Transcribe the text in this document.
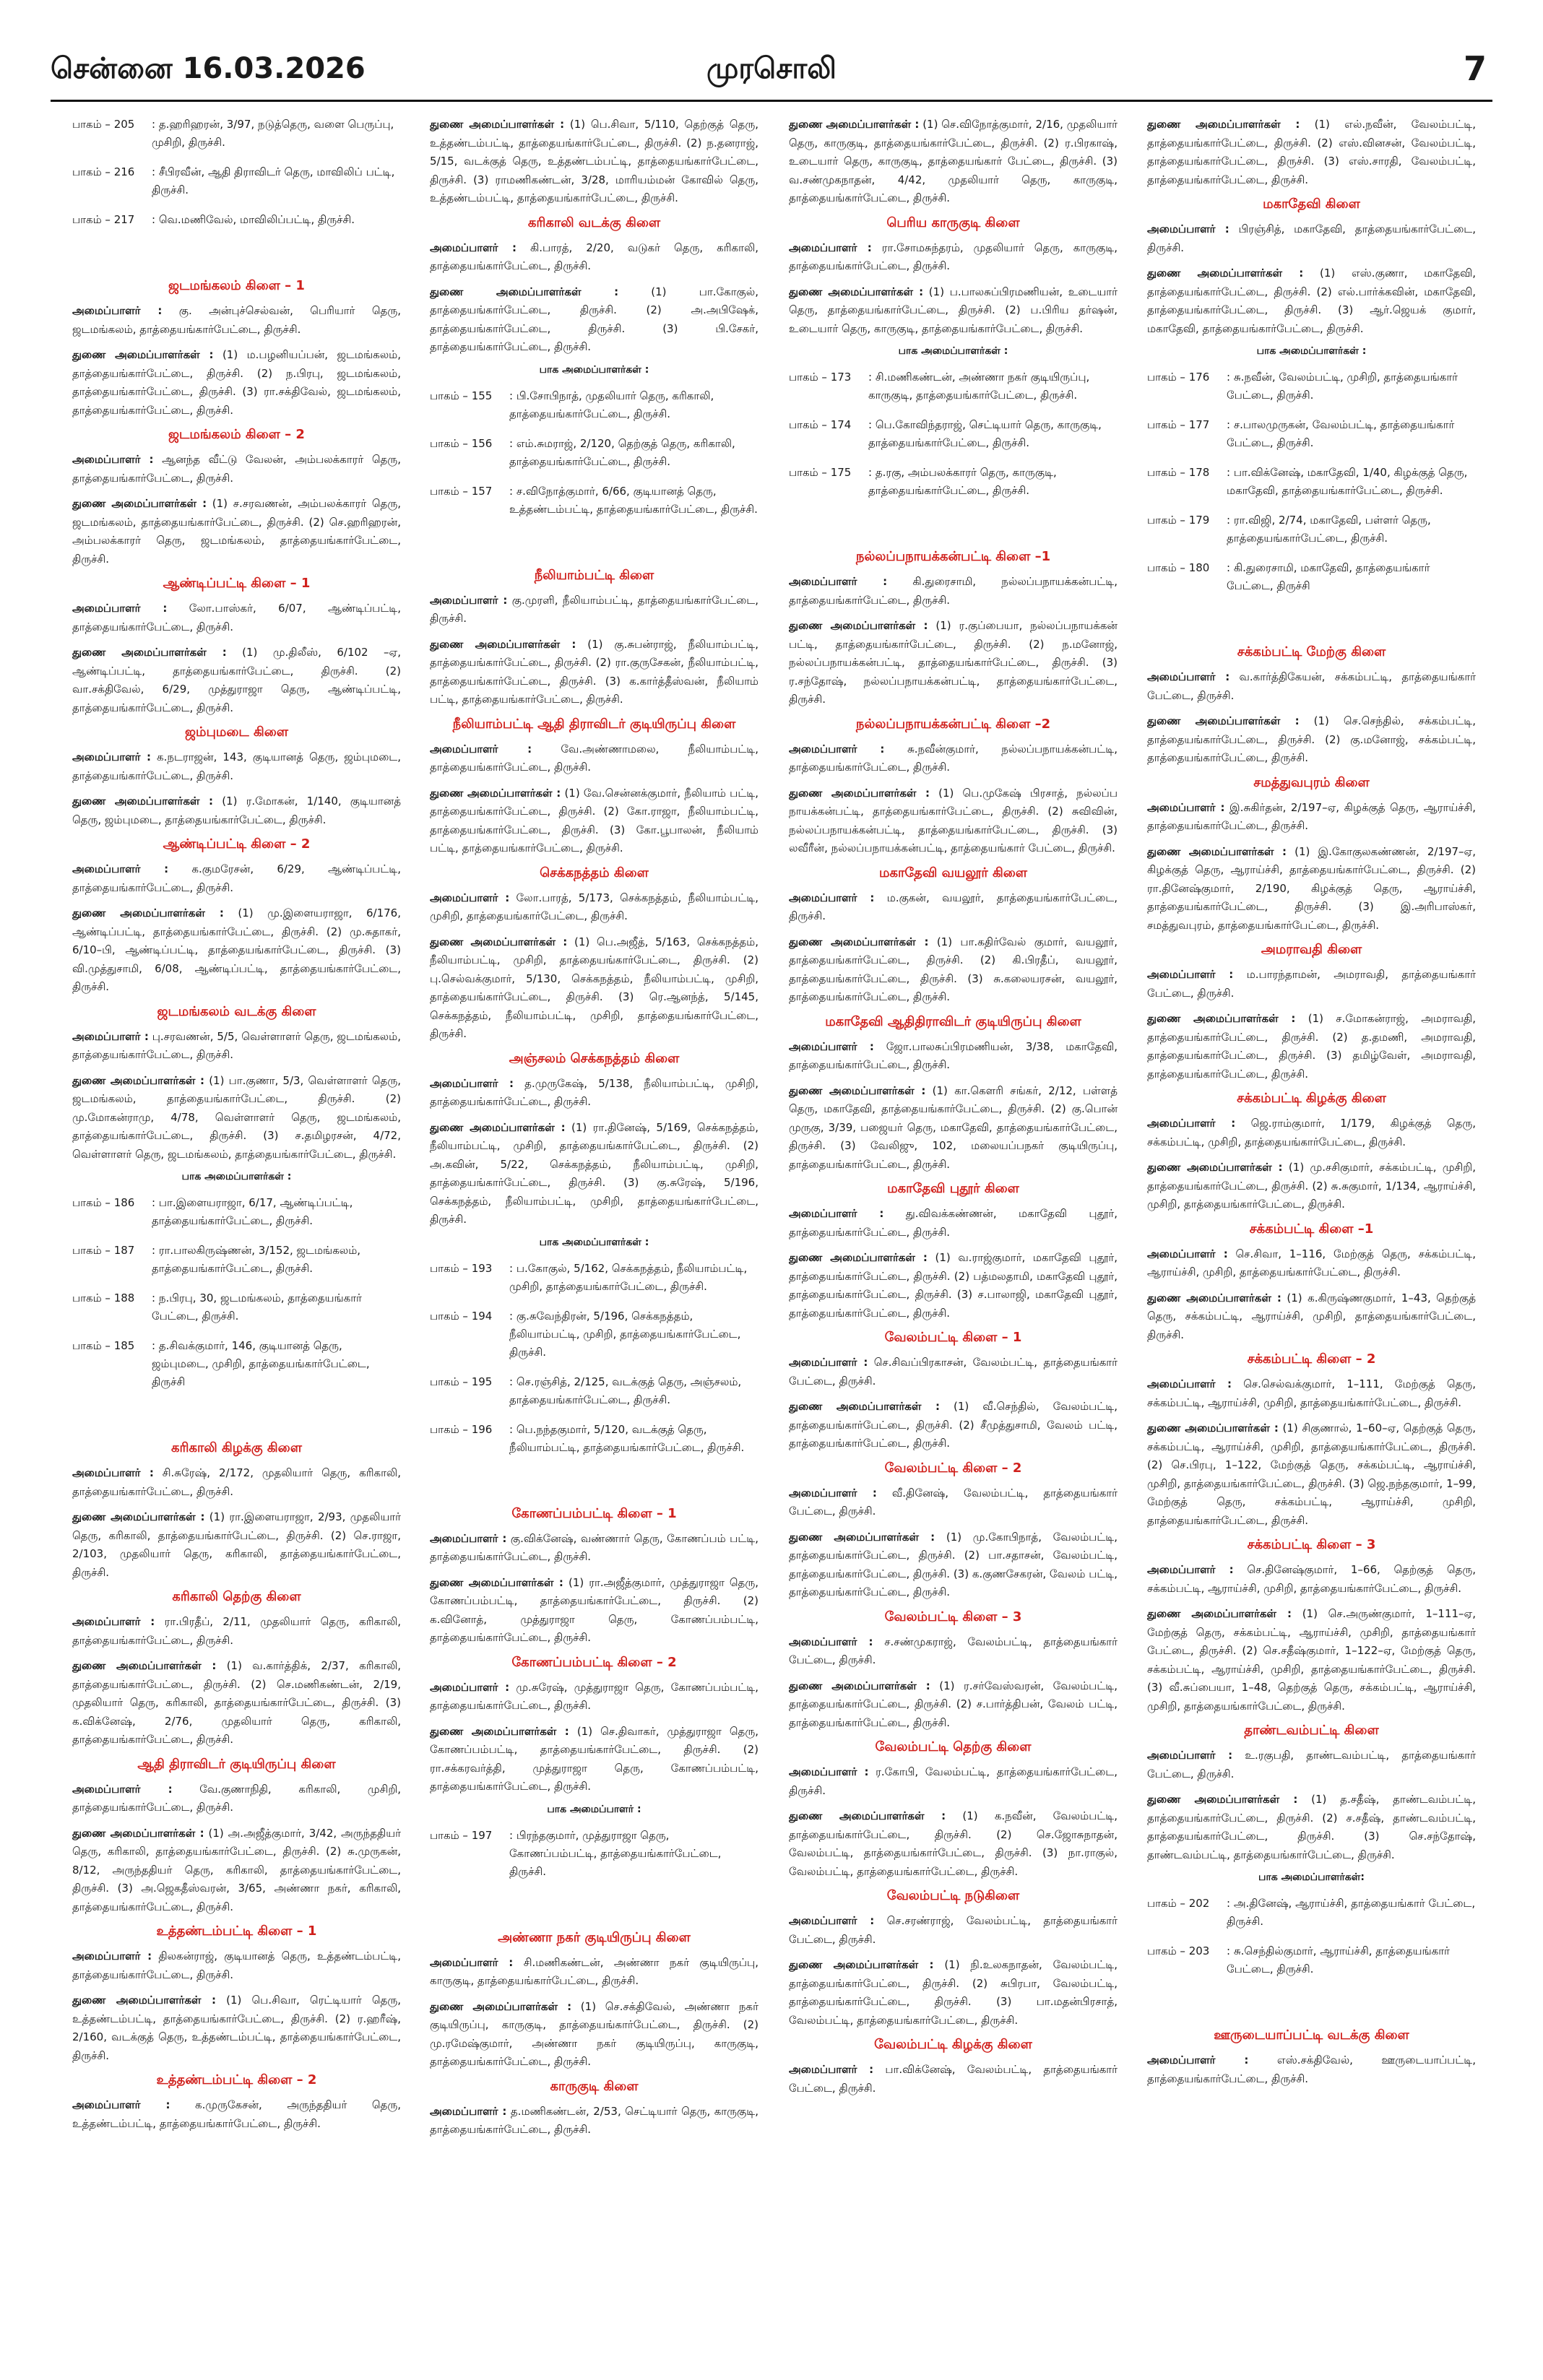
சென்னை 16.03.2026	முரசொலி	7
பாகம் – 205	: த.ஹரிஹரன், 3/97, நடுத்தெரு, வளை பெருப்பு, முசிறி, திருச்சி.
பாகம் – 216	: சீபிரவீன், ஆதி திராவிடர் தெரு, மாவிலிப் பட்டி, திருச்சி.
பாகம் – 217	: வெ.மணிவேல், மாவிலிப்பட்டி, திருச்சி.
ஜடமங்கலம் கிளை – 1
அமைப்பாளர் : கு. அன்புச்செல்வன், பெரியார் தெரு, ஜடமங்கலம், தாத்தையங்கார்பேட்டை, திருச்சி.
துணை அமைப்பாளர்கள் : (1) ம.பழனியப்பன், ஜடமங்கலம், தாத்தையங்கார்பேட்டை, திருச்சி. (2) ந.பிரபு, ஜடமங்கலம், தாத்தையங்கார்பேட்டை, திருச்சி. (3) ரா.சக்திவேல், ஜடமங்கலம், தாத்தையங்கார்பேட்டை, திருச்சி.
ஜடமங்கலம் கிளை – 2
அமைப்பாளர் : ஆனந்த வீட்டு வேலன், அம்பலக்காரர் தெரு, தாத்தையங்கார்பேட்டை, திருச்சி.
துணை அமைப்பாளர்கள் : (1) ச.சரவணன், அம்பலக்காரர் தெரு, ஜடமங்கலம், தாத்தையங்கார்பேட்டை, திருச்சி. (2) செ.ஹரிஹரன், அம்பலக்காரர் தெரு, ஜடமங்கலம், தாத்தையங்கார்பேட்டை, திருச்சி.
ஆண்டிப்பட்டி கிளை – 1
அமைப்பாளர் : லோ.பாஸ்கர், 6/07, ஆண்டிப்பட்டி, தாத்தையங்கார்பேட்டை, திருச்சி.
துணை அமைப்பாளர்கள் : (1) மு.திலீஸ், 6/102 –ஏ, ஆண்டிப்பட்டி, தாத்தையங்கார்பேட்டை, திருச்சி. (2) வா.சக்திவேல், 6/29, முத்துராஜா தெரு, ஆண்டிப்பட்டி, தாத்தையங்கார்பேட்டை, திருச்சி.
ஜம்புமடை கிளை
அமைப்பாளர் : க.நடராஜன், 143, குடியானத் தெரு, ஜம்புமடை, தாத்தையங்கார்பேட்டை, திருச்சி.
துணை அமைப்பாளர்கள் : (1) ர.மோகன், 1/140, குடியானத் தெரு, ஜம்புமடை, தாத்தையங்கார்பேட்டை, திருச்சி.
ஆண்டிப்பட்டி கிளை – 2
அமைப்பாளர் : க.குமரேசன், 6/29, ஆண்டிப்பட்டி, தாத்தையங்கார்பேட்டை, திருச்சி.
துணை அமைப்பாளர்கள் : (1) மு.இளையராஜா, 6/176, ஆண்டிப்பட்டி, தாத்தையங்கார்பேட்டை, திருச்சி. (2) மு.சுதாகர், 6/10–பி, ஆண்டிப்பட்டி, தாத்தையங்கார்பேட்டை, திருச்சி. (3) வி.முத்துசாமி, 6/08, ஆண்டிப்பட்டி, தாத்தையங்கார்பேட்டை, திருச்சி.
ஜடமங்கலம் வடக்கு கிளை
அமைப்பாளர் : பு.சரவணன், 5/5, வெள்ளாளர் தெரு, ஜடமங்கலம், தாத்தையங்கார்பேட்டை, திருச்சி.
துணை அமைப்பாளர்கள் : (1) பா.குணா, 5/3, வெள்ளாளர் தெரு, ஜடமங்கலம், தாத்தையங்கார்பேட்டை, திருச்சி. (2) மு.மோகன்ராமு, 4/78, வெள்ளாளர் தெரு, ஜடமங்கலம், தாத்தையங்கார்பேட்டை, திருச்சி. (3) ச.தமிழரசன், 4/72, வெள்ளாளர் தெரு, ஜடமங்கலம், தாத்தையங்கார்பேட்டை, திருச்சி.
பாக அமைப்பாளர்கள் :
பாகம் – 186	: பா.இளையராஜா, 6/17, ஆண்டிப்பட்டி, தாத்தையங்கார்பேட்டை, திருச்சி.
பாகம் – 187	: ரா.பாலகிருஷ்ணன், 3/152, ஜடமங்கலம், தாத்தையங்கார்பேட்டை, திருச்சி.
பாகம் – 188	: ந.பிரபு, 30, ஜடமங்கலம், தாத்தையங்கார் பேட்டை, திருச்சி.
பாகம் – 185	: த.சிவக்குமார், 146, குடியானத் தெரு, ஜம்புமடை, முசிறி, தாத்தையங்கார்பேட்டை, திருச்சி
கரிகாலி கிழக்கு கிளை
அமைப்பாளர் : சி.சுரேஷ், 2/172, முதலியார் தெரு, கரிகாலி, தாத்தையங்கார்பேட்டை, திருச்சி.
துணை அமைப்பாளர்கள் : (1) ரா.இளையராஜா, 2/93, முதலியார் தெரு, கரிகாலி, தாத்தையங்கார்பேட்டை, திருச்சி. (2) செ.ராஜா, 2/103, முதலியார் தெரு, கரிகாலி, தாத்தையங்கார்பேட்டை, திருச்சி.
கரிகாலி தெற்கு கிளை
அமைப்பாளர் : ரா.பிரதீப், 2/11, முதலியார் தெரு, கரிகாலி, தாத்தையங்கார்பேட்டை, திருச்சி.
துணை அமைப்பாளர்கள் : (1) வ.கார்த்திக், 2/37, கரிகாலி, தாத்தையங்கார்பேட்டை, திருச்சி. (2) செ.மணிகண்டன், 2/19, முதலியார் தெரு, கரிகாலி, தாத்தையங்கார்பேட்டை, திருச்சி. (3) க.விக்னேஷ், 2/76, முதலியார் தெரு, கரிகாலி, தாத்தையங்கார்பேட்டை, திருச்சி.
ஆதி திராவிடர் குடியிருப்பு கிளை
அமைப்பாளர் : வே.குணாநிதி, கரிகாலி, முசிறி, தாத்தையங்கார்பேட்டை, திருச்சி.
துணை அமைப்பாளர்கள் : (1) அ.அஜீத்குமார், 3/42, அருந்ததியர் தெரு, கரிகாலி, தாத்தையங்கார்பேட்டை, திருச்சி. (2) சு.முருகன், 8/12, அருந்ததியர் தெரு, கரிகாலி, தாத்தையங்கார்பேட்டை, திருச்சி. (3) அ.ஜெகதீஸ்வரன், 3/65, அண்ணா நகர், கரிகாலி, தாத்தையங்கார்பேட்டை, திருச்சி.
உத்தண்டம்பட்டி கிளை – 1
அமைப்பாளர் : திலகன்ராஜ், குடியானத் தெரு, உத்தண்டம்பட்டி, தாத்தையங்கார்பேட்டை, திருச்சி.
துணை அமைப்பாளர்கள் : (1) பெ.சிவா, ரெட்டியார் தெரு, உத்தண்டம்பட்டி, தாத்தையங்கார்பேட்டை, திருச்சி. (2) ர.ஹரீஷ், 2/160, வடக்குத் தெரு, உத்தண்டம்பட்டி, தாத்தையங்கார்பேட்டை, திருச்சி.
உத்தண்டம்பட்டி கிளை – 2
அமைப்பாளர் : க.முருகேசன், அருந்ததியர் தெரு, உத்தண்டம்பட்டி, தாத்தையங்கார்பேட்டை, திருச்சி.
துணை அமைப்பாளர்கள் : (1) பெ.சிவா, 5/110, தெற்குத் தெரு, உத்தண்டம்பட்டி, தாத்தையங்கார்பேட்டை, திருச்சி. (2) ந.தனராஜ், 5/15, வடக்குத் தெரு, உத்தண்டம்பட்டி, தாத்தையங்கார்பேட்டை, திருச்சி. (3) ராமணிகண்டன், 3/28, மாரியம்மன் கோவில் தெரு, உத்தண்டம்பட்டி, தாத்தையங்கார்பேட்டை, திருச்சி.
கரிகாலி வடக்கு கிளை
அமைப்பாளர் : கி.பாரத், 2/20, வடுகர் தெரு, கரிகாலி, தாத்தையங்கார்பேட்டை, திருச்சி.
துணை அமைப்பாளர்கள் : (1) பா.கோகுல், தாத்தையங்கார்பேட்டை, திருச்சி. (2) அ.அபிஷேக், தாத்தையங்கார்பேட்டை, திருச்சி. (3) பி.சேகர், தாத்தையங்கார்பேட்டை, திருச்சி.
பாக அமைப்பாளர்கள் :
பாகம் – 155	: பி.சோபிநாத், முதலியார் தெரு, கரிகாலி, தாத்தையங்கார்பேட்டை, திருச்சி.
பாகம் – 156	: எம்.சுமராஜ், 2/120, தெற்குத் தெரு, கரிகாலி, தாத்தையங்கார்பேட்டை, திருச்சி.
பாகம் – 157	: ச.விநோத்குமார், 6/66, குடியானத் தெரு, உத்தண்டம்பட்டி, தாத்தையங்கார்பேட்டை, திருச்சி.
நீலியாம்பட்டி கிளை
அமைப்பாளர் : கு.முரளி, நீலியாம்பட்டி, தாத்தையங்கார்பேட்டை, திருச்சி.
துணை அமைப்பாளர்கள் : (1) கு.சுபன்ராஜ், நீலியாம்பட்டி, தாத்தையங்கார்பேட்டை, திருச்சி. (2) ரா.குருசேகன், நீலியாம்பட்டி, தாத்தையங்கார்பேட்டை, திருச்சி. (3) க.கார்த்தீஸ்வன், நீலியாம் பட்டி, தாத்தையங்கார்பேட்டை, திருச்சி.
நீலியாம்பட்டி ஆதி திராவிடர் குடியிருப்பு கிளை
அமைப்பாளர் : வே.அண்ணாமலை, நீலியாம்பட்டி, தாத்தையங்கார்பேட்டை, திருச்சி.
துணை அமைப்பாளர்கள் : (1) வே.சென்னக்குமார், நீலியாம் பட்டி, தாத்தையங்கார்பேட்டை, திருச்சி. (2) கோ.ராஜா, நீலியாம்பட்டி, தாத்தையங்கார்பேட்டை, திருச்சி. (3) கோ.பூபாலன், நீலியாம் பட்டி, தாத்தையங்கார்பேட்டை, திருச்சி.
செக்கநத்தம் கிளை
அமைப்பாளர் : லோ.பாரத், 5/173, செக்கநத்தம், நீலியாம்பட்டி, முசிறி, தாத்தையங்கார்பேட்டை, திருச்சி.
துணை அமைப்பாளர்கள் : (1) பெ.அஜீத், 5/163, செக்கநத்தம், நீலியாம்பட்டி, முசிறி, தாத்தையங்கார்பேட்டை, திருச்சி. (2) பு.செல்வக்குமார், 5/130, செக்கநத்தம், நீலியாம்பட்டி, முசிறி, தாத்தையங்கார்பேட்டை, திருச்சி. (3) ரெ.ஆனந்த், 5/145, செக்கநத்தம், நீலியாம்பட்டி, முசிறி, தாத்தையங்கார்பேட்டை, திருச்சி.
அஞ்சலம் செக்கநத்தம் கிளை
அமைப்பாளர் : த.முருகேஷ், 5/138, நீலியாம்பட்டி, முசிறி, தாத்தையங்கார்பேட்டை, திருச்சி.
துணை அமைப்பாளர்கள் : (1) ரா.தினேஷ், 5/169, செக்கநத்தம், நீலியாம்பட்டி, முசிறி, தாத்தையங்கார்பேட்டை, திருச்சி. (2) அ.கவின், 5/22, செக்கநத்தம், நீலியாம்பட்டி, முசிறி, தாத்தையங்கார்பேட்டை, திருச்சி. (3) கு.சுரேஷ், 5/196, செக்கநத்தம், நீலியாம்பட்டி, முசிறி, தாத்தையங்கார்பேட்டை, திருச்சி.
பாக அமைப்பாளர்கள் :
பாகம் – 193	: ப.கோகுல், 5/162, செக்கநத்தம், நீலியாம்பட்டி, முசிறி, தாத்தையங்கார்பேட்டை, திருச்சி.
பாகம் – 194	: கு.சுவேந்திரன், 5/196, செக்கநத்தம், நீலியாம்பட்டி, முசிறி, தாத்தையங்கார்பேட்டை, திருச்சி.
பாகம் – 195	: செ.ரஞ்சித், 2/125, வடக்குத் தெரு, அஞ்சலம், தாத்தையங்கார்பேட்டை, திருச்சி.
பாகம் – 196	: பெ.நந்தகுமார், 5/120, வடக்குத் தெரு, நீலியாம்பட்டி, தாத்தையங்கார்பேட்டை, திருச்சி.
கோணப்பம்பட்டி கிளை – 1
அமைப்பாளர் : கு.விக்னேஷ், வண்ணார் தெரு, கோணப்பம் பட்டி, தாத்தையங்கார்பேட்டை, திருச்சி.
துணை அமைப்பாளர்கள் : (1) ரா.அஜீத்குமார், முத்துராஜா தெரு, கோணப்பம்பட்டி, தாத்தையங்கார்பேட்டை, திருச்சி. (2) க.வினோத், முத்துராஜா தெரு, கோணப்பம்பட்டி, தாத்தையங்கார்பேட்டை, திருச்சி.
கோணப்பம்பட்டி கிளை – 2
அமைப்பாளர் : மு.சுரேஷ், முத்துராஜா தெரு, கோணப்பம்பட்டி, தாத்தையங்கார்பேட்டை, திருச்சி.
துணை அமைப்பாளர்கள் : (1) செ.திவாகர், முத்துராஜா தெரு, கோணப்பம்பட்டி, தாத்தையங்கார்பேட்டை, திருச்சி. (2) ரா.சக்கரவர்த்தி, முத்துராஜா தெரு, கோணப்பம்பட்டி, தாத்தையங்கார்பேட்டை, திருச்சி.
பாக அமைப்பாளர் :
பாகம் – 197	: பிரந்தகுமார், முத்துராஜா தெரு, கோணப்பம்பட்டி, தாத்தையங்கார்பேட்டை, திருச்சி.
அண்ணா நகர் குடியிருப்பு கிளை
அமைப்பாளர் : சி.மணிகண்டன், அண்ணா நகர் குடியிருப்பு, காருகுடி, தாத்தையங்கார்பேட்டை, திருச்சி.
துணை அமைப்பாளர்கள் : (1) செ.சக்திவேல், அண்ணா நகர் குடியிருப்பு, காருகுடி, தாத்தையங்கார்பேட்டை, திருச்சி. (2) மு.ரமேஷ்குமார், அண்ணா நகர் குடியிருப்பு, காருகுடி, தாத்தையங்கார்பேட்டை, திருச்சி.
காருகுடி கிளை
அமைப்பாளர் : த.மணிகண்டன், 2/53, செட்டியார் தெரு, காருகுடி, தாத்தையங்கார்பேட்டை, திருச்சி.
துணை அமைப்பாளர்கள் : (1) செ.விநோத்குமார், 2/16, முதலியார் தெரு, காருகுடி, தாத்தையங்கார்பேட்டை, திருச்சி. (2) ர.பிரகாஷ், உடையார் தெரு, காருகுடி, தாத்தையங்கார் பேட்டை, திருச்சி. (3) வ.சண்முகநாதன், 4/42, முதலியார் தெரு, காருகுடி, தாத்தையங்கார்பேட்டை, திருச்சி.
பெரிய காருகுடி கிளை
அமைப்பாளர் : ரா.சோமசுந்தரம், முதலியார் தெரு, காருகுடி, தாத்தையங்கார்பேட்டை, திருச்சி.
துணை அமைப்பாளர்கள் : (1) ப.பாலசுப்பிரமணியன், உடையார் தெரு, தாத்தையங்கார்பேட்டை, திருச்சி. (2) ப.பிரிய தர்ஷன், உடையார் தெரு, காருகுடி, தாத்தையங்கார்பேட்டை, திருச்சி.
பாக அமைப்பாளர்கள் :
பாகம் – 173	: சி.மணிகண்டன், அண்ணா நகர் குடியிருப்பு, காருகுடி, தாத்தையங்கார்பேட்டை, திருச்சி.
பாகம் – 174	: பெ.கோவிந்தராஜ், செட்டியார் தெரு, காருகுடி, தாத்தையங்கார்பேட்டை, திருச்சி.
பாகம் – 175	: த.ரகு, அம்பலக்காரர் தெரு, காருகுடி, தாத்தையங்கார்பேட்டை, திருச்சி.
நல்லப்பநாயக்கன்பட்டி கிளை –1
அமைப்பாளர் : கி.துரைசாமி, நல்லப்பநாயக்கன்பட்டி, தாத்தையங்கார்பேட்டை, திருச்சி.
துணை அமைப்பாளர்கள் : (1) ர.குப்பையா, நல்லப்பநாயக்கன் பட்டி, தாத்தையங்கார்பேட்டை, திருச்சி. (2) ந.மனோஜ், நல்லப்பநாயக்கன்பட்டி, தாத்தையங்கார்பேட்டை, திருச்சி. (3) ர.சந்தோஷ், நல்லப்பநாயக்கன்பட்டி, தாத்தையங்கார்பேட்டை, திருச்சி.
நல்லப்பநாயக்கன்பட்டி கிளை –2
அமைப்பாளர் : சு.நவீன்குமார், நல்லப்பநாயக்கன்பட்டி, தாத்தையங்கார்பேட்டை, திருச்சி.
துணை அமைப்பாளர்கள் : (1) பெ.முகேஷ் பிரசாத், நல்லப்ப நாயக்கன்பட்டி, தாத்தையங்கார்பேட்டை, திருச்சி. (2) சுவிவின், நல்லப்பநாயக்கன்பட்டி, தாத்தையங்கார்பேட்டை, திருச்சி. (3) லவீரீன், நல்லப்பநாயக்கன்பட்டி, தாத்தையங்கார் பேட்டை, திருச்சி.
மகாதேவி வயலூர் கிளை
அமைப்பாளர் : ம.குகன், வயலூர், தாத்தையங்கார்பேட்டை, திருச்சி.
துணை அமைப்பாளர்கள் : (1) பா.கதிர்வேல் குமார், வயலூர், தாத்தையங்கார்பேட்டை, திருச்சி. (2) கி.பிரதீப், வயலூர், தாத்தையங்கார்பேட்டை, திருச்சி. (3) சு.கலையரசன், வயலூர், தாத்தையங்கார்பேட்டை, திருச்சி.
மகாதேவி ஆதிதிராவிடர் குடியிருப்பு கிளை
அமைப்பாளர் : ஜோ.பாலசுப்பிரமணியன், 3/38, மகாதேவி, தாத்தையங்கார்பேட்டை, திருச்சி.
துணை அமைப்பாளர்கள் : (1) கா.கௌரி சங்கர், 2/12, பள்ளத் தெரு, மகாதேவி, தாத்தையங்கார்பேட்டை, திருச்சி. (2) கு.பொன் முருகு, 3/39, பஜையர் தெரு, மகாதேவி, தாத்தையங்கார்பேட்டை, திருச்சி. (3) வேலிஜு, 102, மலையப்பநகர் குடியிருப்பு, தாத்தையங்கார்பேட்டை, திருச்சி.
மகாதேவி புதூர் கிளை
அமைப்பாளர் : து.விவக்கண்ணன், மகாதேவி புதூர், தாத்தையங்கார்பேட்டை, திருச்சி.
துணை அமைப்பாளர்கள் : (1) வ.ராஜ்குமார், மகாதேவி புதூர், தாத்தையங்கார்பேட்டை, திருச்சி. (2) பத்மலதாமி, மகாதேவி புதூர், தாத்தையங்கார்பேட்டை, திருச்சி. (3) ச.பாலாஜி, மகாதேவி புதூர், தாத்தையங்கார்பேட்டை, திருச்சி.
வேலம்பட்டி கிளை – 1
அமைப்பாளர் : செ.சிவப்பிரகாசன், வேலம்பட்டி, தாத்தையங்கார் பேட்டை, திருச்சி.
துணை அமைப்பாளர்கள் : (1) வீ.செந்தில், வேலம்பட்டி, தாத்தையங்கார்பேட்டை, திருச்சி. (2) சீமுத்துசாமி, வேலம் பட்டி, தாத்தையங்கார்பேட்டை, திருச்சி.
வேலம்பட்டி கிளை – 2
அமைப்பாளர் : வீ.தினேஷ், வேலம்பட்டி, தாத்தையங்கார் பேட்டை, திருச்சி.
துணை அமைப்பாளர்கள் : (1) மு.கோபிநாத், வேலம்பட்டி, தாத்தையங்கார்பேட்டை, திருச்சி. (2) பா.சதாசன், வேலம்பட்டி, தாத்தையங்கார்பேட்டை, திருச்சி. (3) க.குணசேகரன், வேலம் பட்டி, தாத்தையங்கார்பேட்டை, திருச்சி.
வேலம்பட்டி கிளை – 3
அமைப்பாளர் : ச.சண்முகராஜ், வேலம்பட்டி, தாத்தையங்கார் பேட்டை, திருச்சி.
துணை அமைப்பாளர்கள் : (1) ர.சர்வேஸ்வரன், வேலம்பட்டி, தாத்தையங்கார்பேட்டை, திருச்சி. (2) ச.பார்த்திபன், வேலம் பட்டி, தாத்தையங்கார்பேட்டை, திருச்சி.
வேலம்பட்டி தெற்கு கிளை
அமைப்பாளர் : ர.கோபி, வேலம்பட்டி, தாத்தையங்கார்பேட்டை, திருச்சி.
துணை அமைப்பாளர்கள் : (1) க.நவீன், வேலம்பட்டி, தாத்தையங்கார்பேட்டை, திருச்சி. (2) செ.ஜோசுநாதன், வேலம்பட்டி, தாத்தையங்கார்பேட்டை, திருச்சி. (3) நா.ராகுல், வேலம்பட்டி, தாத்தையங்கார்பேட்டை, திருச்சி.
வேலம்பட்டி நடுகிளை
அமைப்பாளர் : செ.சரண்ராஜ், வேலம்பட்டி, தாத்தையங்கார் பேட்டை, திருச்சி.
துணை அமைப்பாளர்கள் : (1) நி.உலகநாதன், வேலம்பட்டி, தாத்தையங்கார்பேட்டை, திருச்சி. (2) சுபிரபா, வேலம்பட்டி, தாத்தையங்கார்பேட்டை, திருச்சி. (3) பா.மதன்பிரசாத், வேலம்பட்டி, தாத்தையங்கார்பேட்டை, திருச்சி.
வேலம்பட்டி கிழக்கு கிளை
அமைப்பாளர் : பா.விக்னேஷ், வேலம்பட்டி, தாத்தையங்கார் பேட்டை, திருச்சி.
துணை அமைப்பாளர்கள் : (1) எல்.நவீன், வேலம்பட்டி, தாத்தையங்கார்பேட்டை, திருச்சி. (2) எஸ்.வினசன், வேலம்பட்டி, தாத்தையங்கார்பேட்டை, திருச்சி. (3) எஸ்.சாரதி, வேலம்பட்டி, தாத்தையங்கார்பேட்டை, திருச்சி.
மகாதேவி கிளை
அமைப்பாளர் : பிரஞ்சித், மகாதேவி, தாத்தையங்கார்பேட்டை, திருச்சி.
துணை அமைப்பாளர்கள் : (1) எஸ்.குணா, மகாதேவி, தாத்தையங்கார்பேட்டை, திருச்சி. (2) எல்.பார்க்கவின், மகாதேவி, தாத்தையங்கார்பேட்டை, திருச்சி. (3) ஆர்.ஜெயக் குமார், மகாதேவி, தாத்தையங்கார்பேட்டை, திருச்சி.
பாக அமைப்பாளர்கள் :
பாகம் – 176	: சு.நவீன், வேலம்பட்டி, முசிறி, தாத்தையங்கார் பேட்டை, திருச்சி.
பாகம் – 177	: ச.பாலமுருகன், வேலம்பட்டி, தாத்தையங்கார் பேட்டை, திருச்சி.
பாகம் – 178	: பா.விக்னேஷ், மகாதேவி, 1/40, கிழக்குத் தெரு, மகாதேவி, தாத்தையங்கார்பேட்டை, திருச்சி.
பாகம் – 179	: ரா.விஜி, 2/74, மகாதேவி, பள்ளர் தெரு, தாத்தையங்கார்பேட்டை, திருச்சி.
பாகம் – 180	: கி.துரைசாமி, மகாதேவி, தாத்தையங்கார் பேட்டை, திருச்சி
சக்கம்பட்டி மேற்கு கிளை
அமைப்பாளர் : வ.கார்த்திகேயன், சக்கம்பட்டி, தாத்தையங்கார் பேட்டை, திருச்சி.
துணை அமைப்பாளர்கள் : (1) செ.செந்தில், சக்கம்பட்டி, தாத்தையங்கார்பேட்டை, திருச்சி. (2) கு.மனோஜ், சக்கம்பட்டி, தாத்தையங்கார்பேட்டை, திருச்சி.
சமத்துவபுரம் கிளை
அமைப்பாளர் : இ.சுகிர்தன், 2/197–ஏ, கிழக்குத் தெரு, ஆராய்ச்சி, தாத்தையங்கார்பேட்டை, திருச்சி.
துணை அமைப்பாளர்கள் : (1) இ.கோகுலகண்ணன், 2/197–ஏ, கிழக்குத் தெரு, ஆராய்ச்சி, தாத்தையங்கார்பேட்டை, திருச்சி. (2) ரா.தினேஷ்குமார், 2/190, கிழக்குத் தெரு, ஆராய்ச்சி, தாத்தையங்கார்பேட்டை, திருச்சி. (3) இ.அரிபாஸ்கர், சமத்துவபுரம், தாத்தையங்கார்பேட்டை, திருச்சி.
அமராவதி கிளை
அமைப்பாளர் : ம.பாரந்தாமன், அமராவதி, தாத்தையங்கார் பேட்டை, திருச்சி.
துணை அமைப்பாளர்கள் : (1) ச.மோகன்ராஜ், அமராவதி, தாத்தையங்கார்பேட்டை, திருச்சி. (2) த.தமணி, அமராவதி, தாத்தையங்கார்பேட்டை, திருச்சி. (3) தமிழ்வேள், அமராவதி, தாத்தையங்கார்பேட்டை, திருச்சி.
சக்கம்பட்டி கிழக்கு கிளை
அமைப்பாளர் : ஜெ.ராம்குமார், 1/179, கிழக்குத் தெரு, சக்கம்பட்டி, முசிறி, தாத்தையங்கார்பேட்டை, திருச்சி.
துணை அமைப்பாளர்கள் : (1) மு.சசிகுமார், சக்கம்பட்டி, முசிறி, தாத்தையங்கார்பேட்டை, திருச்சி. (2) சு.சுகுமார், 1/134, ஆராய்ச்சி, முசிறி, தாத்தையங்கார்பேட்டை, திருச்சி.
சக்கம்பட்டி கிளை –1
அமைப்பாளர் : செ.சிவா, 1–116, மேற்குத் தெரு, சக்கம்பட்டி, ஆராய்ச்சி, முசிறி, தாத்தையங்கார்பேட்டை, திருச்சி.
துணை அமைப்பாளர்கள் : (1) க.கிருஷ்ணகுமார், 1–43, தெற்குத் தெரு, சக்கம்பட்டி, ஆராய்ச்சி, முசிறி, தாத்தையங்கார்பேட்டை, திருச்சி.
சக்கம்பட்டி கிளை – 2
அமைப்பாளர் : செ.செல்வக்குமார், 1–111, மேற்குத் தெரு, சக்கம்பட்டி, ஆராய்ச்சி, முசிறி, தாத்தையங்கார்பேட்டை, திருச்சி.
துணை அமைப்பாளர்கள் : (1) சிகுணால், 1–60–ஏ, தெற்குத் தெரு, சக்கம்பட்டி, ஆராய்ச்சி, முசிறி, தாத்தையங்கார்பேட்டை, திருச்சி. (2) செ.பிரபு, 1–122, மேற்குத் தெரு, சக்கம்பட்டி, ஆராய்ச்சி, முசிறி, தாத்தையங்கார்பேட்டை, திருச்சி. (3) ஜெ.நந்தகுமார், 1–99, மேற்குத் தெரு, சக்கம்பட்டி, ஆராய்ச்சி, முசிறி, தாத்தையங்கார்பேட்டை, திருச்சி.
சக்கம்பட்டி கிளை – 3
அமைப்பாளர் : செ.தினேஷ்குமார், 1–66, தெற்குத் தெரு, சக்கம்பட்டி, ஆராய்ச்சி, முசிறி, தாத்தையங்கார்பேட்டை, திருச்சி.
துணை அமைப்பாளர்கள் : (1) செ.அருண்குமார், 1–111–ஏ, மேற்குத் தெரு, சக்கம்பட்டி, ஆராய்ச்சி, முசிறி, தாத்தையங்கார் பேட்டை, திருச்சி. (2) செ.சதீஷ்குமார், 1–122–ஏ, மேற்குத் தெரு, சக்கம்பட்டி, ஆராய்ச்சி, முசிறி, தாத்தையங்கார்பேட்டை, திருச்சி. (3) வீ.சுப்பையா, 1–48, தெற்குத் தெரு, சக்கம்பட்டி, ஆராய்ச்சி, முசிறி, தாத்தையங்கார்பேட்டை, திருச்சி.
தாண்டவம்பட்டி கிளை
அமைப்பாளர் : உ.ரகுபதி, தாண்டவம்பட்டி, தாத்தையங்கார் பேட்டை, திருச்சி.
துணை அமைப்பாளர்கள் : (1) த.சதீஷ், தாண்டவம்பட்டி, தாத்தையங்கார்பேட்டை, திருச்சி. (2) ச.சதீஷ், தாண்டவம்பட்டி, தாத்தையங்கார்பேட்டை, திருச்சி. (3) செ.சந்தோஷ், தாண்டவம்பட்டி, தாத்தையங்கார்பேட்டை, திருச்சி.
பாக அமைப்பாளர்கள்:
பாகம் – 202	: அ.தினேஷ், ஆராய்ச்சி, தாத்தையங்கார் பேட்டை, திருச்சி.
பாகம் – 203	: சு.செந்தில்குமார், ஆராய்ச்சி, தாத்தையங்கார் பேட்டை, திருச்சி.
ஊருடையாப்பட்டி வடக்கு கிளை
அமைப்பாளர் : எஸ்.சக்திவேல், ஊருடையாப்பட்டி, தாத்தையங்கார்பேட்டை, திருச்சி.
